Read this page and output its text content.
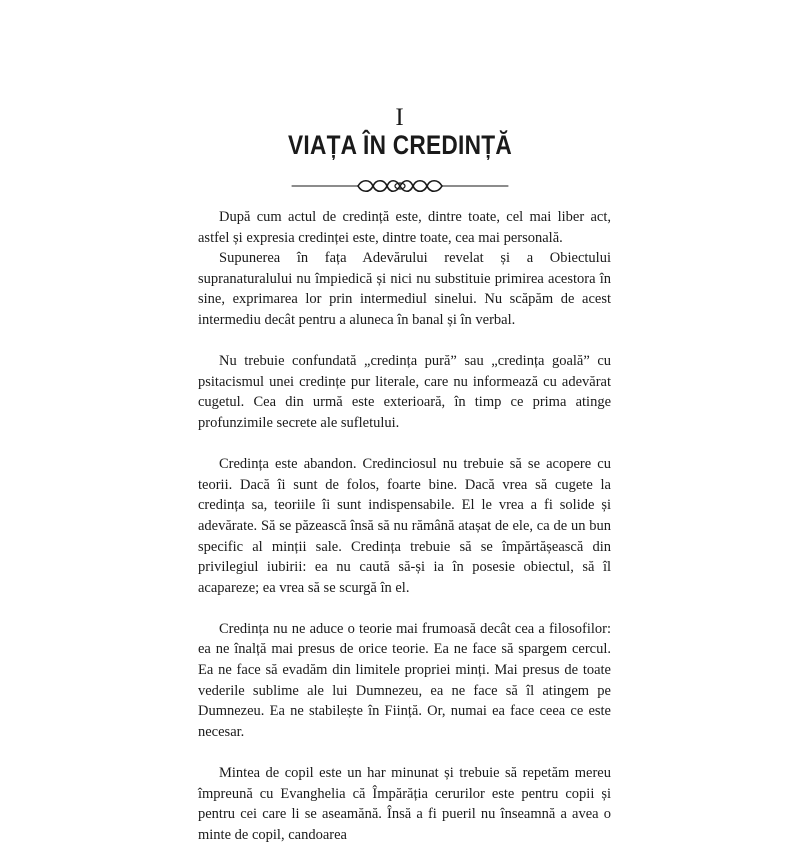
I
VIAȚA ÎN CREDINȚĂ

După cum actul de credință este, dintre toate, cel mai liber act, astfel și expresia credinței este, dintre toate, cea mai personală.

Supunerea în fața Adevărului revelat și a Obiectului supranaturalului nu împiedică și nici nu substituie primirea acestora în sine, exprimarea lor prin intermediul sinelui. Nu scăpăm de acest intermediu decât pentru a aluneca în banal și în verbal.

Nu trebuie confundată „credința pură” sau „credința goală” cu psitacismul unei credințe pur literale, care nu informează cu adevărat cugetul. Cea din urmă este exterioară, în timp ce prima atinge profunzimile secrete ale sufletului.

Credința este abandon. Credinciosul nu trebuie să se acopere cu teorii. Dacă îi sunt de folos, foarte bine. Dacă vrea să cugete la credința sa, teoriile îi sunt indispensabile. El le vrea a fi solide și adevărate. Să se păzească însă să nu rămână atașat de ele, ca de un bun specific al minții sale. Credința trebuie să se împărtășească din privilegiul iubirii: ea nu caută să-și ia în posesie obiectul, să îl acapareze; ea vrea să se scurgă în el.

Credința nu ne aduce o teorie mai frumoasă decât cea a filosofilor: ea ne înalță mai presus de orice teorie. Ea ne face să spargem cercul. Ea ne face să evadăm din limitele propriei minți. Mai presus de toate vederile sublime ale lui Dumnezeu, ea ne face să îl atingem pe Dumnezeu. Ea ne stabilește în Ființă. Or, numai ea face ceea ce este necesar.

Mintea de copil este un har minunat și trebuie să repetăm mereu împreună cu Evanghelia că Împărăția cerurilor este pentru copii și pentru cei care li se aseamănă. Însă a fi pueril nu înseamnă a avea o minte de copil, candoarea
